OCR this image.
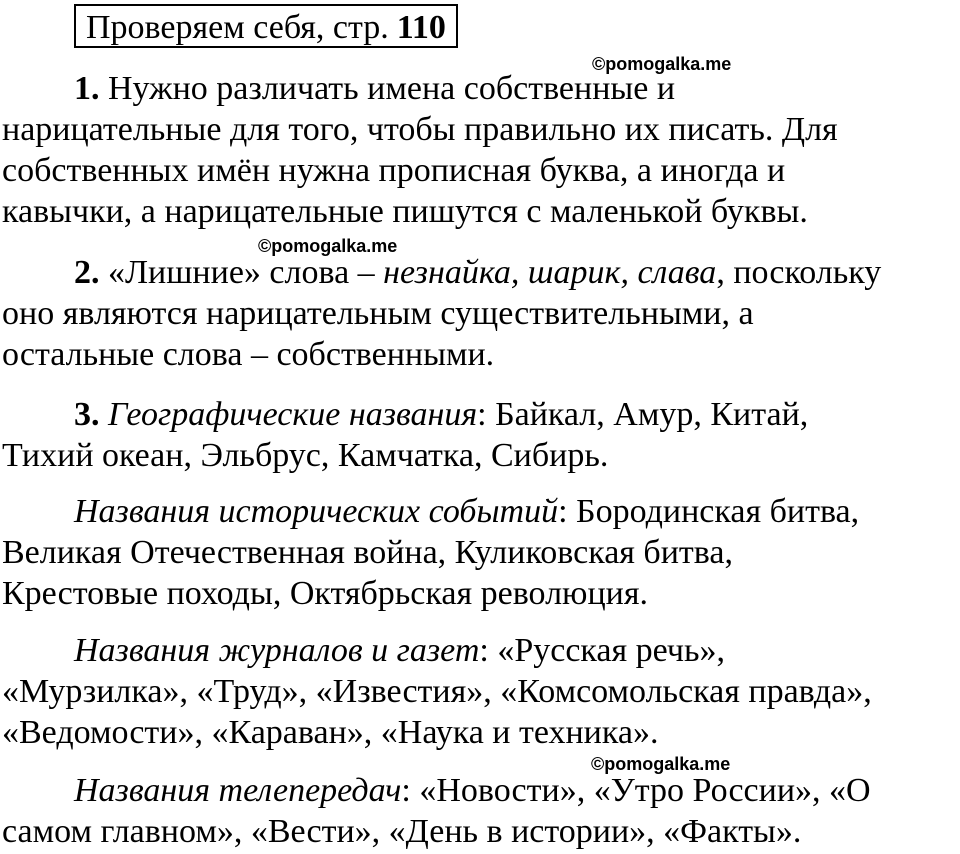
Проверяем себя, стр. 110
©pomogalka.me
©pomogalka.me
©pomogalka.me
1. Нужно различать имена собственные и
нарицательные для того, чтобы правильно их писать. Для
собственных имён нужна прописная буква, а иногда и
кавычки, а нарицательные пишутся с маленькой буквы.
2. «Лишние» слова – незнайка, шарик, слава, поскольку
оно являются нарицательным существительными, а
остальные слова – собственными.
3. Географические названия: Байкал, Амур, Китай,
Тихий океан, Эльбрус, Камчатка, Сибирь.
Названия исторических событий: Бородинская битва,
Великая Отечественная война, Куликовская битва,
Крестовые походы, Октябрьская революция.
Названия журналов и газет: «Русская речь»,
«Мурзилка», «Труд», «Известия», «Комсомольская правда»,
«Ведомости», «Караван», «Наука и техника».
Названия телепередач: «Новости», «Утро России», «О
самом главном», «Вести», «День в истории», «Факты».
